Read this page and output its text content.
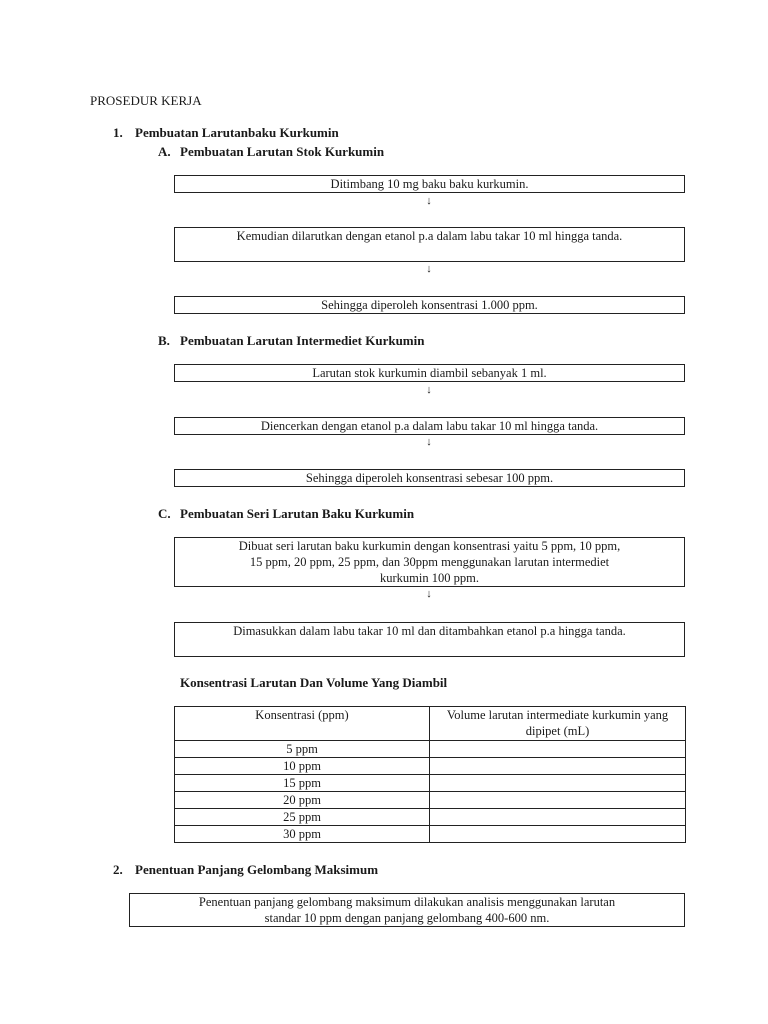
PROSEDUR KERJA
1. Pembuatan Larutanbaku Kurkumin
A. Pembuatan Larutan Stok Kurkumin
Ditimbang 10 mg baku baku kurkumin.
↓
Kemudian dilarutkan dengan etanol p.a dalam labu takar 10 ml hingga tanda.
↓
Sehingga diperoleh konsentrasi 1.000 ppm.
B. Pembuatan Larutan Intermediet Kurkumin
Larutan stok kurkumin diambil sebanyak 1 ml.
↓
Diencerkan dengan etanol p.a dalam labu takar 10 ml hingga tanda.
↓
Sehingga diperoleh konsentrasi sebesar 100 ppm.
C. Pembuatan Seri Larutan Baku Kurkumin
Dibuat seri larutan baku kurkumin dengan konsentrasi yaitu 5 ppm, 10 ppm, 15 ppm, 20 ppm, 25 ppm, dan 30ppm menggunakan larutan intermediet kurkumin 100 ppm.
↓
Dimasukkan dalam labu takar 10 ml dan ditambahkan etanol p.a hingga tanda.
Konsentrasi Larutan Dan Volume Yang Diambil
Konsentrasi (ppm)	Volume larutan intermediate kurkumin yang dipipet (mL)
5 ppm	
10 ppm	
15 ppm	
20 ppm	
25 ppm	
30 ppm	
2. Penentuan Panjang Gelombang Maksimum
Penentuan panjang gelombang maksimum dilakukan analisis menggunakan larutan standar 10 ppm dengan panjang gelombang 400-600 nm.
